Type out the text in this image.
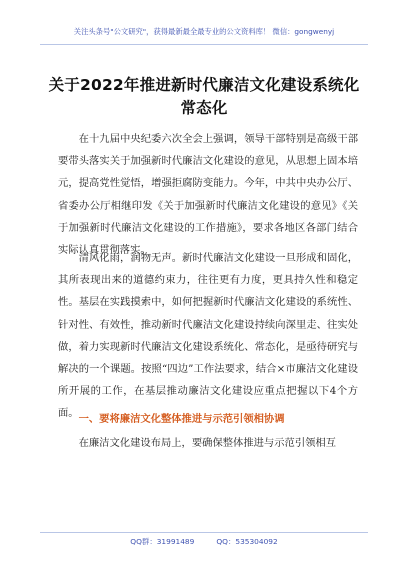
关注头条号"公文研究"，获得最新最全最专业的公文资料库！ 微信：gongwenyj
关于2022年推进新时代廉洁文化建设系统化
常态化

在十九届中央纪委六次全会上强调，领导干部特别是高级干部要带头落实关于加强新时代廉洁文化建设的意见，从思想上固本培元，提高党性觉悟，增强拒腐防变能力。今年，中共中央办公厅、省委办公厅相继印发《关于加强新时代廉洁文化建设的意见》《关于加强新时代廉洁文化建设的工作措施》，要求各地区各部门结合实际认真贯彻落实。

清风化雨，润物无声。新时代廉洁文化建设一旦形成和固化，其所表现出来的道德约束力，往往更有力度，更具持久性和稳定性。基层在实践摸索中，如何把握新时代廉洁文化建设的系统性、针对性、有效性，推动新时代廉洁文化建设持续向深里走、往实处做，着力实现新时代廉洁文化建设系统化、常态化，是亟待研究与解决的一个课题。按照“四边”工作法要求，结合×市廉洁文化建设所开展的工作，在基层推动廉洁文化建设应重点把握以下4个方面。 一、要将廉洁文化整体推进与示范引领相协调

在廉洁文化建设布局上，要确保整体推进与示范引领相互

QQ群：31991489	QQ：535304092
